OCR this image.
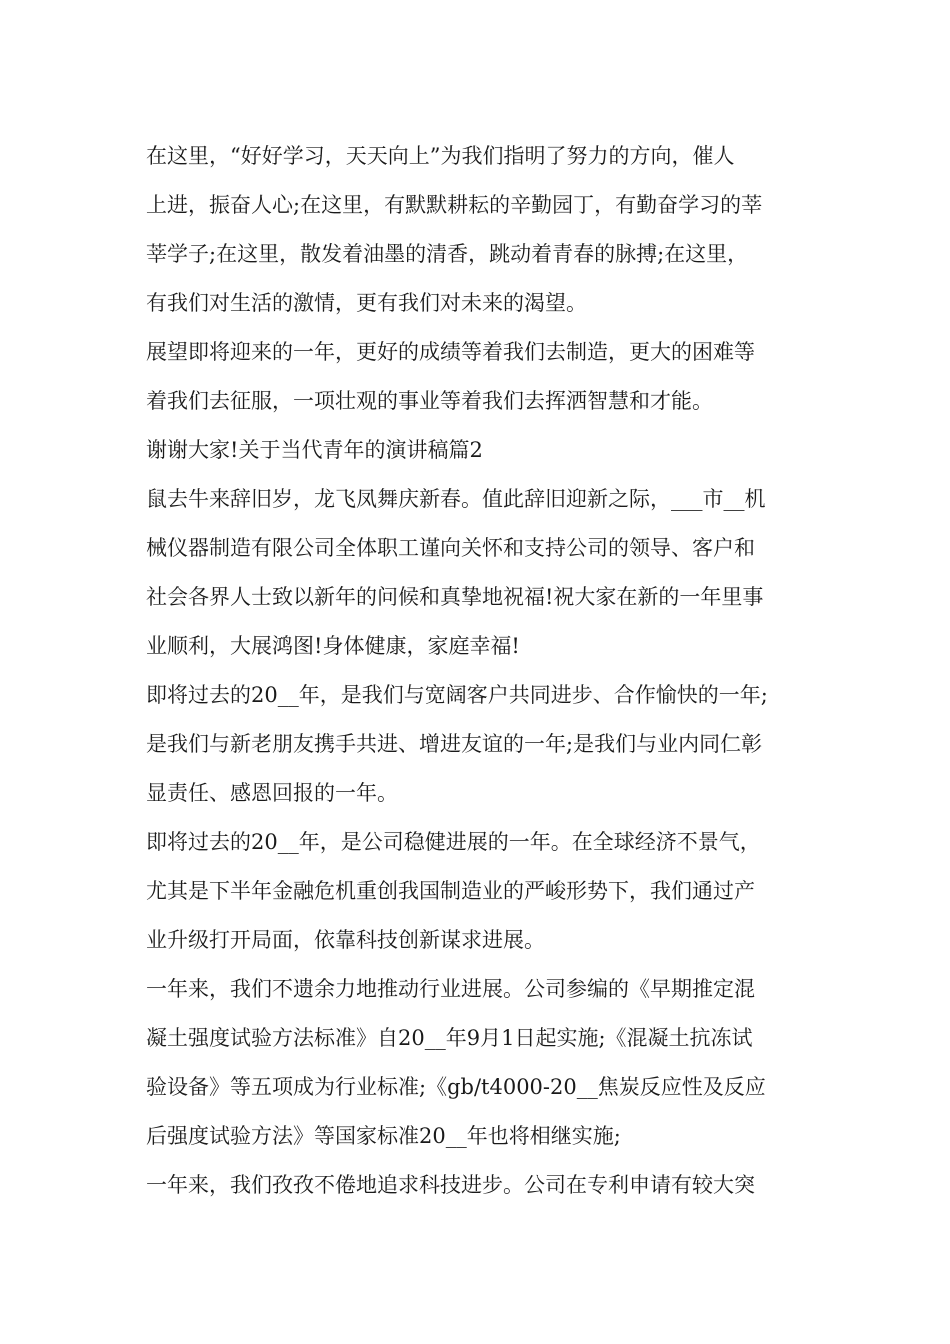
在这里，“好好学习，天天向上”为我们指明了努力的方向，催人
上进，振奋人心;在这里，有默默耕耘的辛勤园丁，有勤奋学习的莘
莘学子;在这里，散发着油墨的清香，跳动着青春的脉搏;在这里，
有我们对生活的激情，更有我们对未来的渴望。

展望即将迎来的一年，更好的成绩等着我们去制造，更大的困难等
着我们去征服，一项壮观的事业等着我们去挥洒智慧和才能。

谢谢大家!关于当代青年的演讲稿篇2

鼠去牛来辞旧岁，龙飞凤舞庆新春。值此辞旧迎新之际，___市__机
械仪器制造有限公司全体职工谨向关怀和支持公司的领导、客户和
社会各界人士致以新年的问候和真挚地祝福!祝大家在新的一年里事
业顺利，大展鸿图!身体健康，家庭幸福!

即将过去的20__年，是我们与宽阔客户共同进步、合作愉快的一年;
是我们与新老朋友携手共进、增进友谊的一年;是我们与业内同仁彰
显责任、感恩回报的一年。

即将过去的20__年，是公司稳健进展的一年。在全球经济不景气，
尤其是下半年金融危机重创我国制造业的严峻形势下，我们通过产
业升级打开局面，依靠科技创新谋求进展。

一年来，我们不遗余力地推动行业进展。公司参编的《早期推定混
凝土强度试验方法标准》自20__年9月1日起实施;《混凝土抗冻试
验设备》等五项成为行业标准;《gb/t4000-20__焦炭反应性及反应
后强度试验方法》等国家标准20__年也将相继实施;

一年来，我们孜孜不倦地追求科技进步。公司在专利申请有较大突
